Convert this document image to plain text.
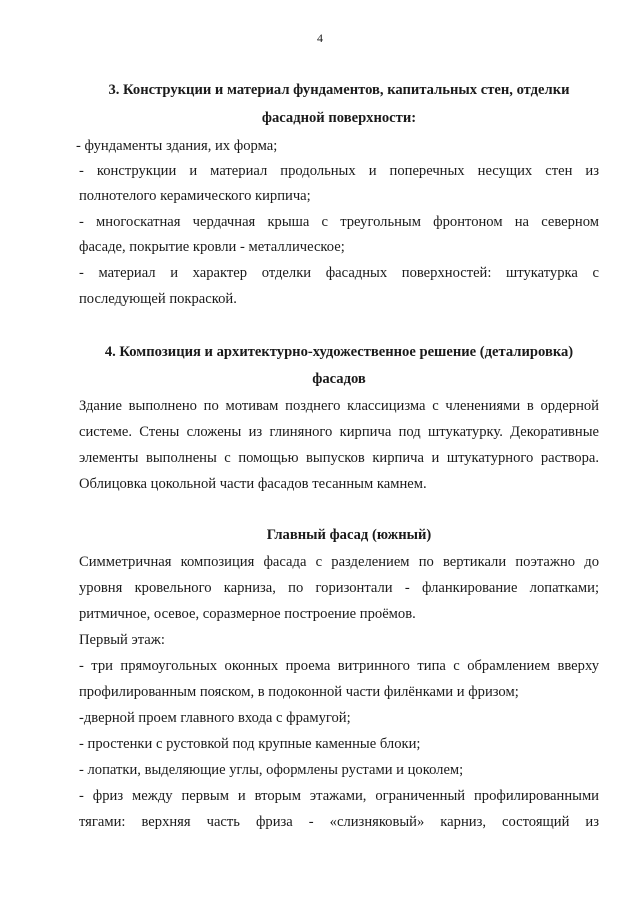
4
3. Конструкции и материал фундаментов, капитальных стен, отделки
фасадной поверхности:
- фундаменты здания, их форма;
- конструкции и материал продольных и поперечных несущих стен из
полнотелого керамического кирпича;
- многоскатная чердачная крыша с треугольным фронтоном на северном
фасаде, покрытие кровли - металлическое;
- материал и характер отделки фасадных поверхностей: штукатурка с
последующей покраской.
4. Композиция и архитектурно-художественное решение (деталировка)
фасадов
Здание выполнено по мотивам позднего классицизма с членениями в ордерной
системе. Стены сложены из глиняного кирпича под штукатурку. Декоративные
элементы выполнены с помощью выпусков кирпича и штукатурного раствора.
Облицовка цокольной части фасадов тесанным камнем.
Главный фасад (южный)
Симметричная композиция фасада с разделением по вертикали поэтажно до
уровня кровельного карниза, по горизонтали - фланкирование лопатками;
ритмичное, осевое, соразмерное построение проёмов.
Первый этаж:
- три прямоугольных оконных проема витринного типа с обрамлением вверху
профилированным пояском, в подоконной части филёнками и фризом;
-дверной проем главного входа с фрамугой;
- простенки с рустовкой под крупные каменные блоки;
- лопатки, выделяющие углы, оформлены рустами и цоколем;
- фриз между первым и вторым этажами, ограниченный профилированными
тягами: верхняя часть фриза - «слизняковый» карниз, состоящий из
